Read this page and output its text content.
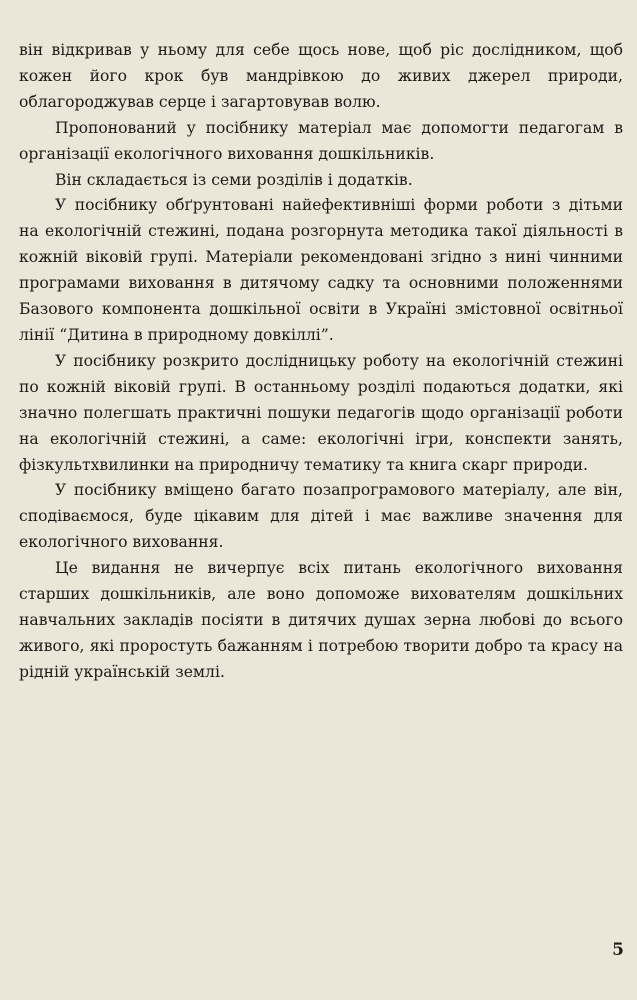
він відкривав у ньому для себе щось нове, щоб ріс дослідником, щоб кожен його крок був мандрівкою до живих джерел природи, облагороджував серце і загартовував волю.

Пропонований у посібнику матеріал має допомогти педагогам в організації екологічного виховання дошкільників.

Він складається із семи розділів і додатків.

У посібнику обґрунтовані найефективніші форми роботи з дітьми на екологічній стежині, подана розгорнута методика такої діяльності в кожній віковій групі. Матеріали рекомендовані згідно з нині чинними програмами виховання в дитячому садку та основними положеннями Базового компонента дошкільної освіти в Україні змістовної освітньої лінії “Дитина в природному довкіллі”.

У посібнику розкрито дослідницьку роботу на екологічній стежині по кожній віковій групі. В останньому розділі подаються додатки, які значно полегшать практичні пошуки педагогів щодо організації роботи на екологічній стежині, а саме: екологічні ігри, конспекти занять, фізкультхвилинки на природничу тематику та книга скарг природи.

У посібнику вміщено багато позапрограмового матеріалу, але він, сподіваємося, буде цікавим для дітей і має важливе значення для екологічного виховання.

Це видання не вичерпує всіх питань екологічного виховання старших дошкільників, але воно допоможе вихователям дошкільних навчальних закладів посіяти в дитячих душах зерна любові до всього живого, які проростуть бажанням і потребою творити добро та красу на рідній українській землі.

5
